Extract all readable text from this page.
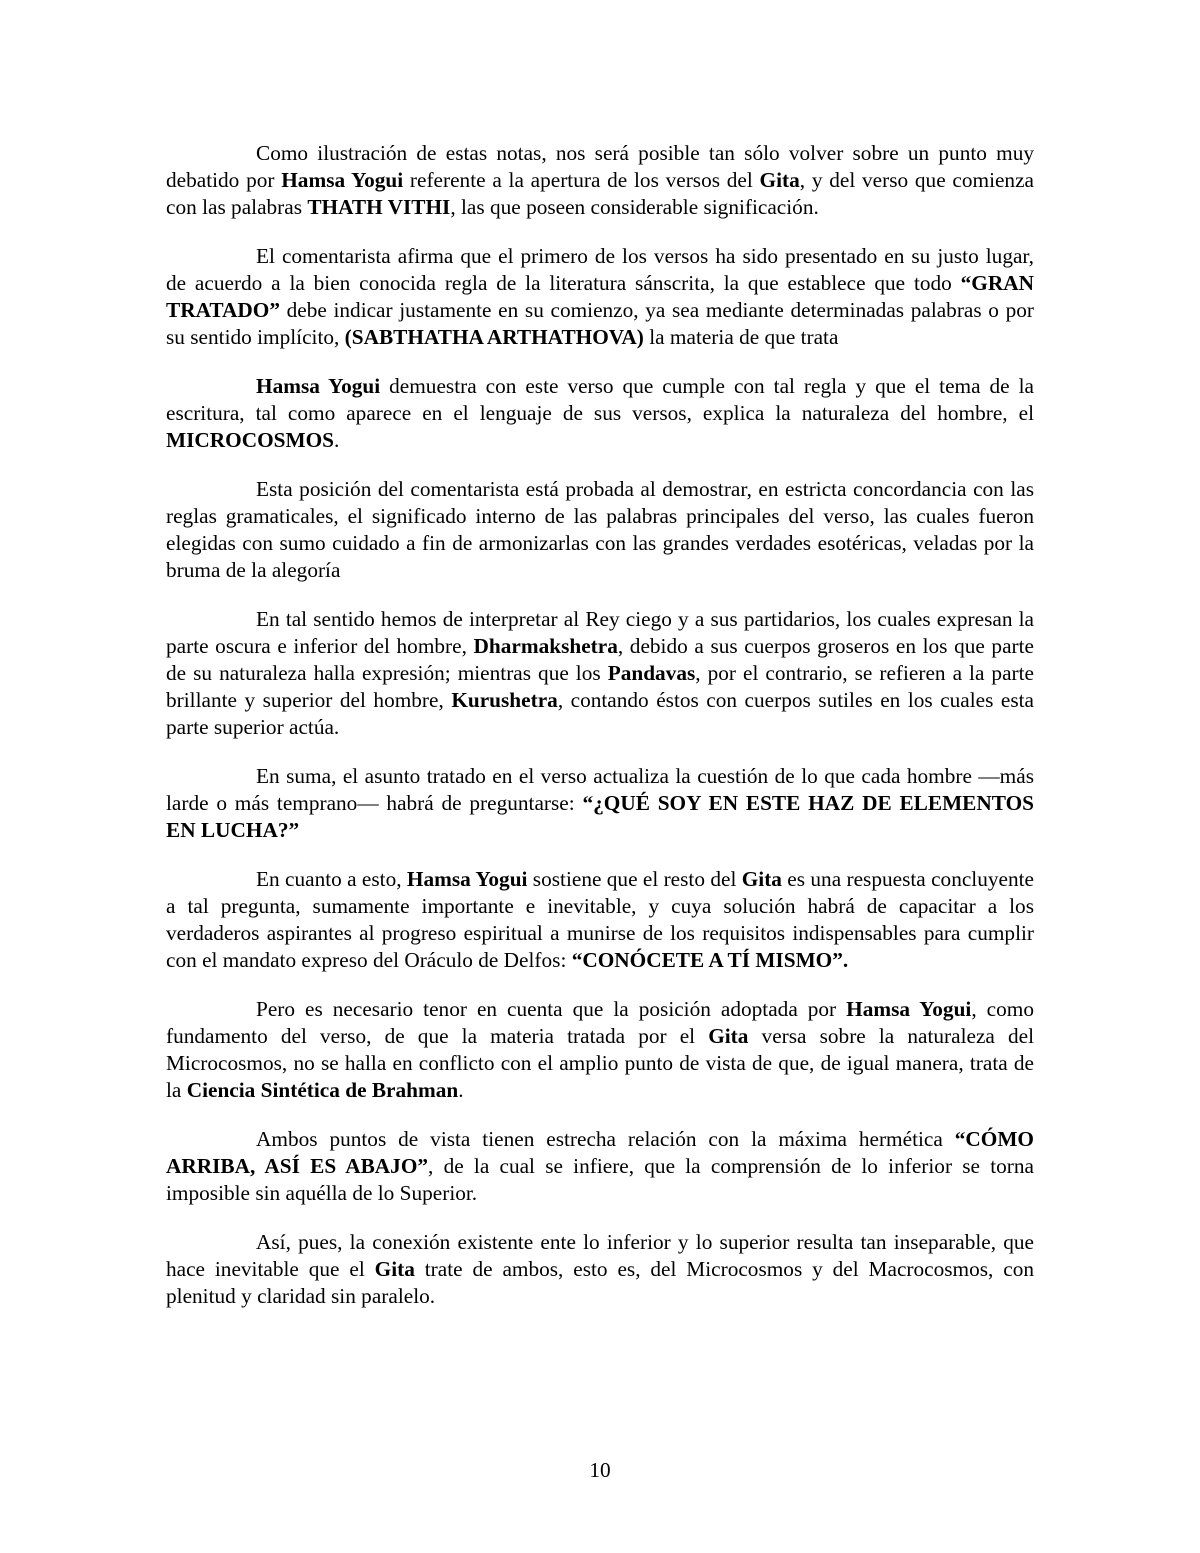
Como ilustración de estas notas, nos será posible tan sólo volver sobre un punto muy debatido por Hamsa Yogui referente a la apertura de los versos del Gita, y del verso que comienza con las palabras THATH VITHI, las que poseen considerable significación.

El comentarista afirma que el primero de los versos ha sido presentado en su justo lugar, de acuerdo a la bien conocida regla de la literatura sánscrita, la que establece que todo “GRAN TRATADO” debe indicar justamente en su comienzo, ya sea mediante determinadas palabras o por su sentido implícito, (SABTHATHA ARTHATHOVA) la materia de que trata

Hamsa Yogui demuestra con este verso que cumple con tal regla y que el tema de la escritura, tal como aparece en el lenguaje de sus versos, explica la naturaleza del hombre, el MICROCOSMOS.

Esta posición del comentarista está probada al demostrar, en estricta concordancia con las reglas gramaticales, el significado interno de las palabras principales del verso, las cuales fueron elegidas con sumo cuidado a fin de armonizarlas con las grandes verdades esotéricas, veladas por la bruma de la alegoría

En tal sentido hemos de interpretar al Rey ciego y a sus partidarios, los cuales expresan la parte oscura e inferior del hombre, Dharmakshetra, debido a sus cuerpos groseros en los que parte de su naturaleza halla expresión; mientras que los Pandavas, por el contrario, se refieren a la parte brillante y superior del hombre, Kurushetra, contando éstos con cuerpos sutiles en los cuales esta parte superior actúa.

En suma, el asunto tratado en el verso actualiza la cuestión de lo que cada hombre —más larde o más temprano— habrá de preguntarse: “¿QUÉ SOY EN ESTE HAZ DE ELEMENTOS EN LUCHA?”

En cuanto a esto, Hamsa Yogui sostiene que el resto del Gita es una respuesta concluyente a tal pregunta, sumamente importante e inevitable, y cuya solución habrá de capacitar a los verdaderos aspirantes al progreso espiritual a munirse de los requisitos indispensables para cumplir con el mandato expreso del Oráculo de Delfos: “CONÓCETE A TÍ MISMO”.

Pero es necesario tenor en cuenta que la posición adoptada por Hamsa Yogui, como fundamento del verso, de que la materia tratada por el Gita versa sobre la naturaleza del Microcosmos, no se halla en conflicto con el amplio punto de vista de que, de igual manera, trata de la Ciencia Sintética de Brahman.

Ambos puntos de vista tienen estrecha relación con la máxima hermética “CÓMO ARRIBA, ASÍ ES ABAJO”, de la cual se infiere, que la comprensión de lo inferior se torna imposible sin aquélla de lo Superior.

Así, pues, la conexión existente ente lo inferior y lo superior resulta tan inseparable, que hace inevitable que el Gita trate de ambos, esto es, del Microcosmos y del Macrocosmos, con plenitud y claridad sin paralelo.

10
